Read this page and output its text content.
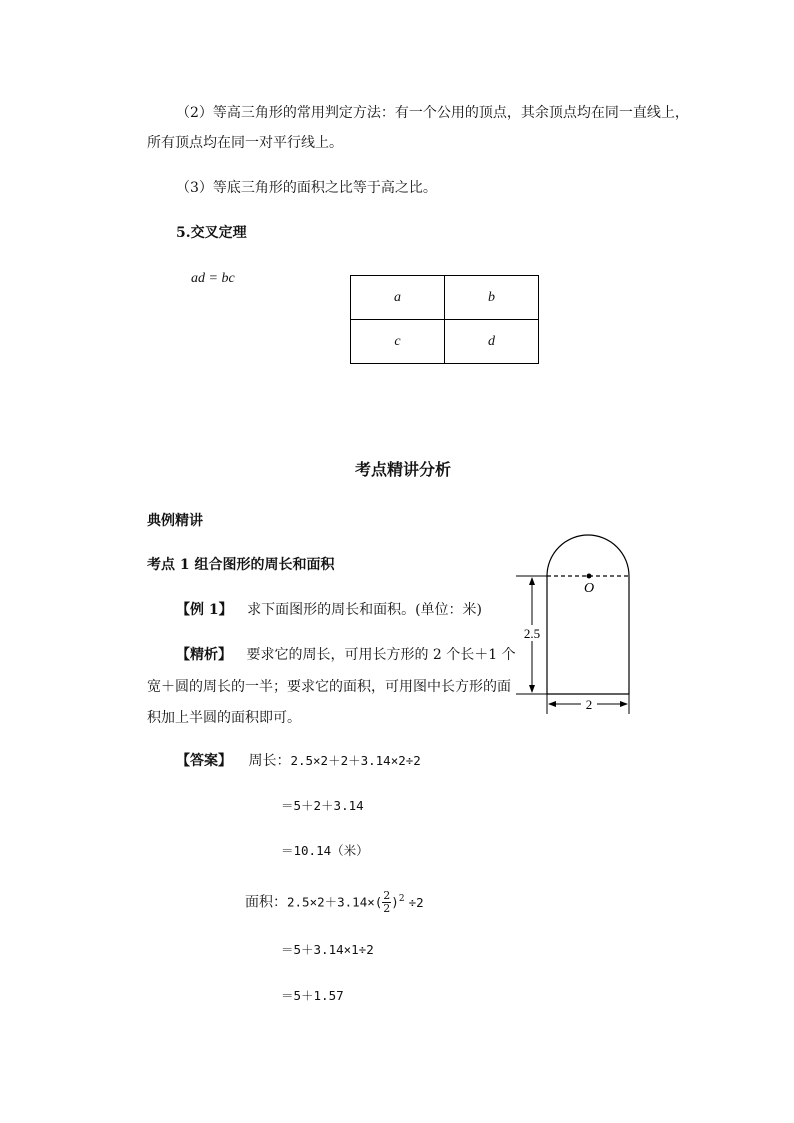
（2）等高三角形的常用判定方法：有一个公用的顶点，其余顶点均在同一直线上，
所有顶点均在同一对平行线上。
（3）等底三角形的面积之比等于高之比。
5.交叉定理
ad = bc
a	b
c	d
考点精讲分析
典例精讲
考点 1 组合图形的周长和面积
【例 1】 求下面图形的周长和面积。(单位：米)
【精析】 要求它的周长，可用长方形的 2 个长＋1 个
宽＋圆的周长的一半；要求它的面积，可用图中长方形的面
积加上半圆的面积即可。
【答案】 周长：2.5×2＋2＋3.14×2÷2
＝5＋2＋3.14
＝10.14（米）
面积：$2.5\times 2+3.14\times( \frac{2}{2} )^2 \div 2$
＝5＋3.14×1÷2
＝5＋1.57
O
2.5
2
